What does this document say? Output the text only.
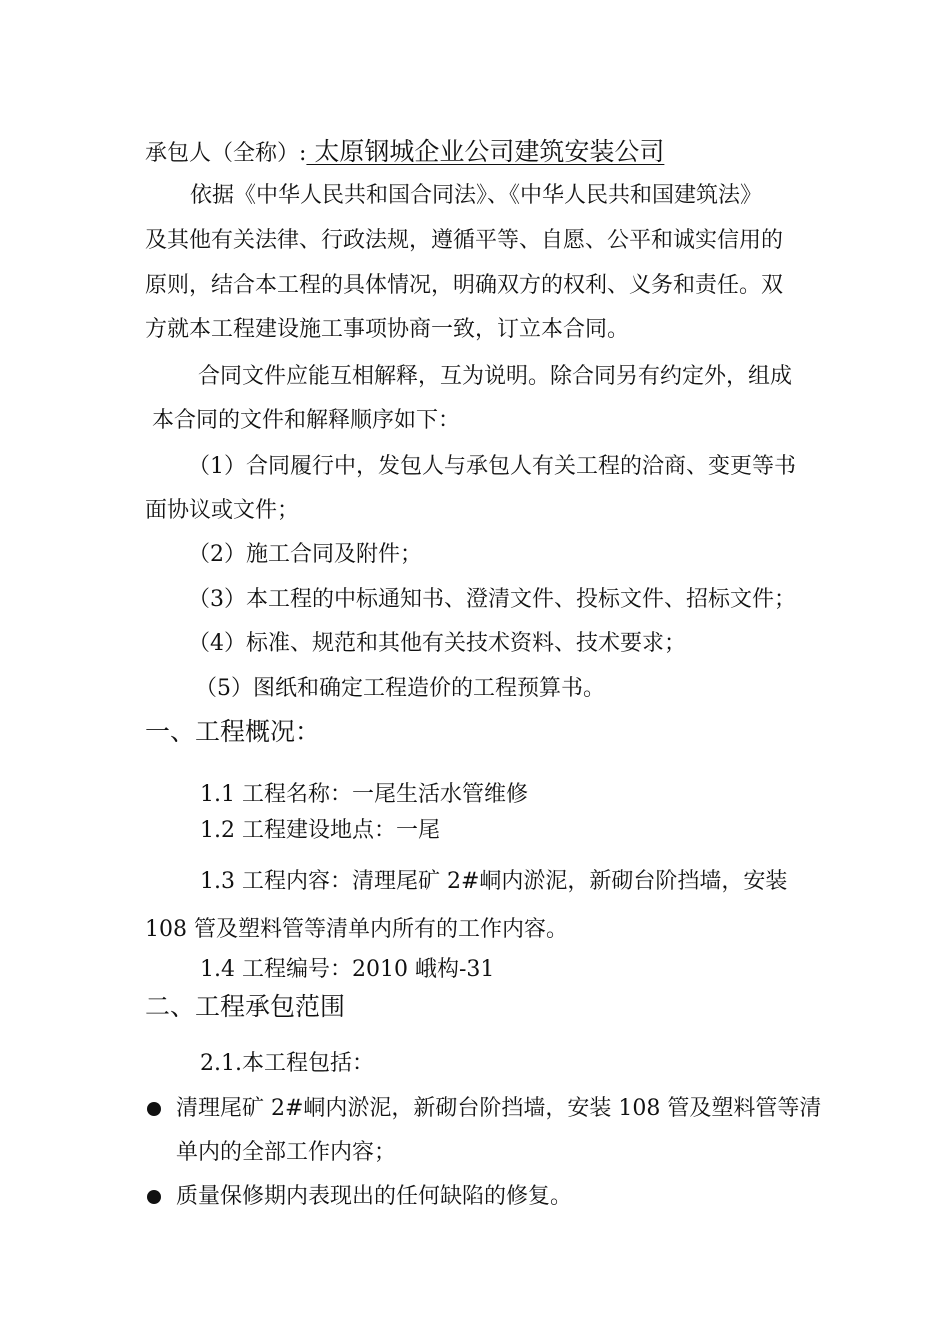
承包人（全称）: 太原钢城企业公司建筑安装公司
依据《中华人民共和国合同法》、《中华人民共和国建筑法》
及其他有关法律、行政法规，遵循平等、自愿、公平和诚实信用的
原则，结合本工程的具体情况，明确双方的权利、义务和责任。双
方就本工程建设施工事项协商一致，订立本合同。
合同文件应能互相解释，互为说明。除合同另有约定外，组成
本合同的文件和解释顺序如下：
（1）合同履行中，发包人与承包人有关工程的洽商、变更等书
面协议或文件；
（2）施工合同及附件；
（3）本工程的中标通知书、澄清文件、投标文件、招标文件；
（4）标准、规范和其他有关技术资料、技术要求；
（5）图纸和确定工程造价的工程预算书。
一、工程概况：
1.1 工程名称：一尾生活水管维修
1.2 工程建设地点：一尾
1.3 工程内容：清理尾矿 2#峒内淤泥，新砌台阶挡墙，安装
108 管及塑料管等清单内所有的工作内容。
1.4 工程编号：2010 峨构-31
二、工程承包范围
2.1.本工程包括：
清理尾矿 2#峒内淤泥，新砌台阶挡墙，安装 108 管及塑料管等清
单内的全部工作内容；
质量保修期内表现出的任何缺陷的修复。
